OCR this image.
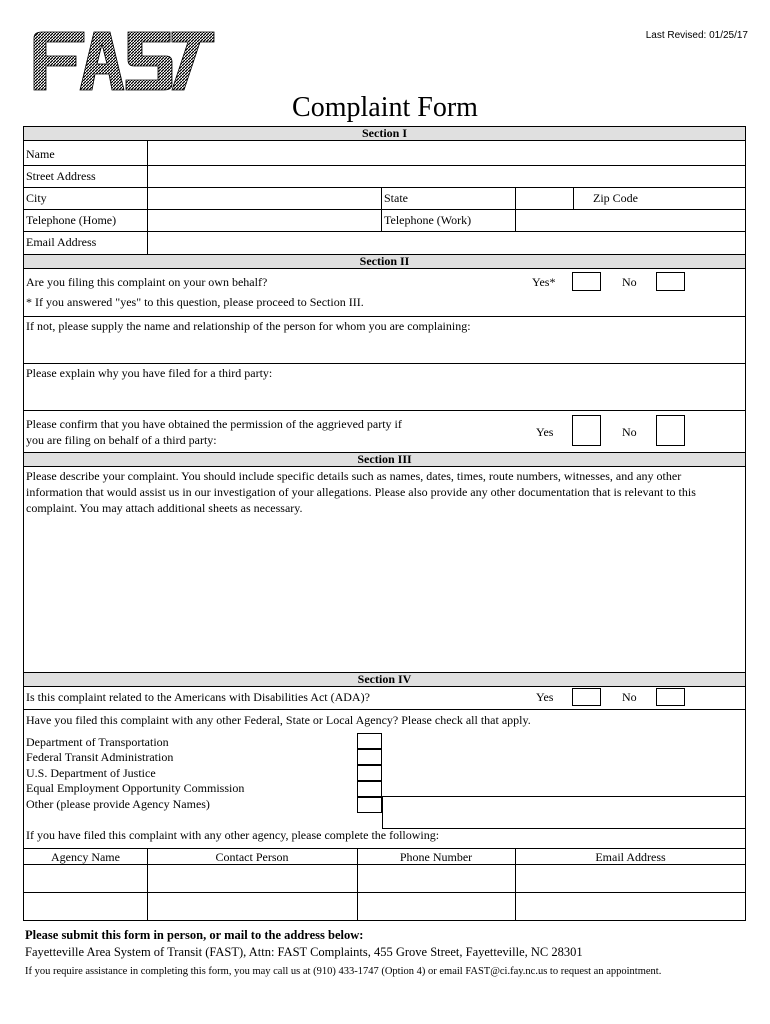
Last Revised: 01/25/17
Complaint Form
Section I
Name
Street Address
City	State	Zip Code
Telephone (Home)	Telephone (Work)
Email Address
Section II
Are you filing this complaint on your own behalf?	Yes*	No
* If you answered "yes" to this question, please proceed to Section III.
If not, please supply the name and relationship of the person for whom you are complaining:
Please explain why you have filed for a third party:
Please confirm that you have obtained the permission of the aggrieved party if
you are filing on behalf of a third party:
Yes	No
Section III
Please describe your complaint. You should include specific details such as names, dates, times, route numbers, witnesses, and any other
information that would assist us in our investigation of your allegations. Please also provide any other documentation that is relevant to this
complaint. You may attach additional sheets as necessary.
Section IV
Is this complaint related to the Americans with Disabilities Act (ADA)?	Yes	No
Have you filed this complaint with any other Federal, State or Local Agency? Please check all that apply.
Department of Transportation
Federal Transit Administration
U.S. Department of Justice
Equal Employment Opportunity Commission
Other (please provide Agency Names)
If you have filed this complaint with any other agency, please complete the following:
Agency Name	Contact Person	Phone Number	Email Address
Please submit this form in person, or mail to the address below:
Fayetteville Area System of Transit (FAST), Attn: FAST Complaints, 455 Grove Street, Fayetteville, NC 28301
If you require assistance in completing this form, you may call us at (910) 433-1747 (Option 4) or email FAST@ci.fay.nc.us to request an appointment.
